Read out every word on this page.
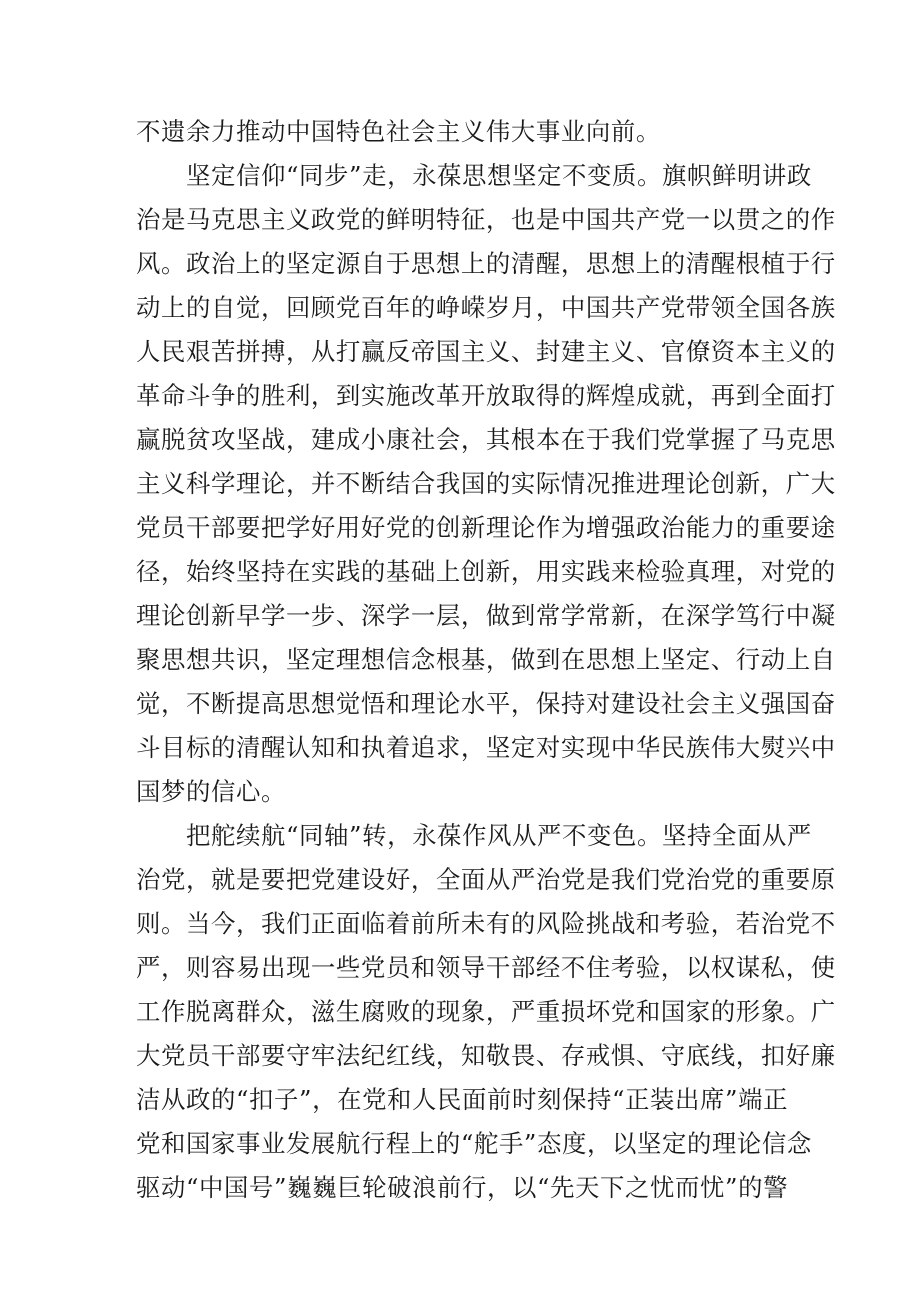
不遗余力推动中国特色社会主义伟大事业向前。
坚定信仰“同步”走，永葆思想坚定不变质。旗帜鲜明讲政
治是马克思主义政党的鲜明特征，也是中国共产党一以贯之的作
风。政治上的坚定源自于思想上的清醒，思想上的清醒根植于行
动上的自觉，回顾党百年的峥嵘岁月，中国共产党带领全国各族
人民艰苦拼搏，从打赢反帝国主义、封建主义、官僚资本主义的
革命斗争的胜利，到实施改革开放取得的辉煌成就，再到全面打
赢脱贫攻坚战，建成小康社会，其根本在于我们党掌握了马克思
主义科学理论，并不断结合我国的实际情况推进理论创新，广大
党员干部要把学好用好党的创新理论作为增强政治能力的重要途
径，始终坚持在实践的基础上创新，用实践来检验真理，对党的
理论创新早学一步、深学一层，做到常学常新，在深学笃行中凝
聚思想共识，坚定理想信念根基，做到在思想上坚定、行动上自
觉，不断提高思想觉悟和理论水平，保持对建设社会主义强国奋
斗目标的清醒认知和执着追求，坚定对实现中华民族伟大熨兴中
国梦的信心。
把舵续航“同轴”转，永葆作风从严不变色。坚持全面从严
治党，就是要把党建设好，全面从严治党是我们党治党的重要原
则。当今，我们正面临着前所未有的风险挑战和考验，若治党不
严，则容易出现一些党员和领导干部经不住考验，以权谋私，使
工作脱离群众，滋生腐败的现象，严重损坏党和国家的形象。广
大党员干部要守牢法纪红线，知敬畏、存戒惧、守底线，扣好廉
洁从政的“扣子”，在党和人民面前时刻保持“正装出席”端正
党和国家事业发展航行程上的“舵手”态度，以坚定的理论信念
驱动“中国号”巍巍巨轮破浪前行，以“先天下之忧而忧”的警
